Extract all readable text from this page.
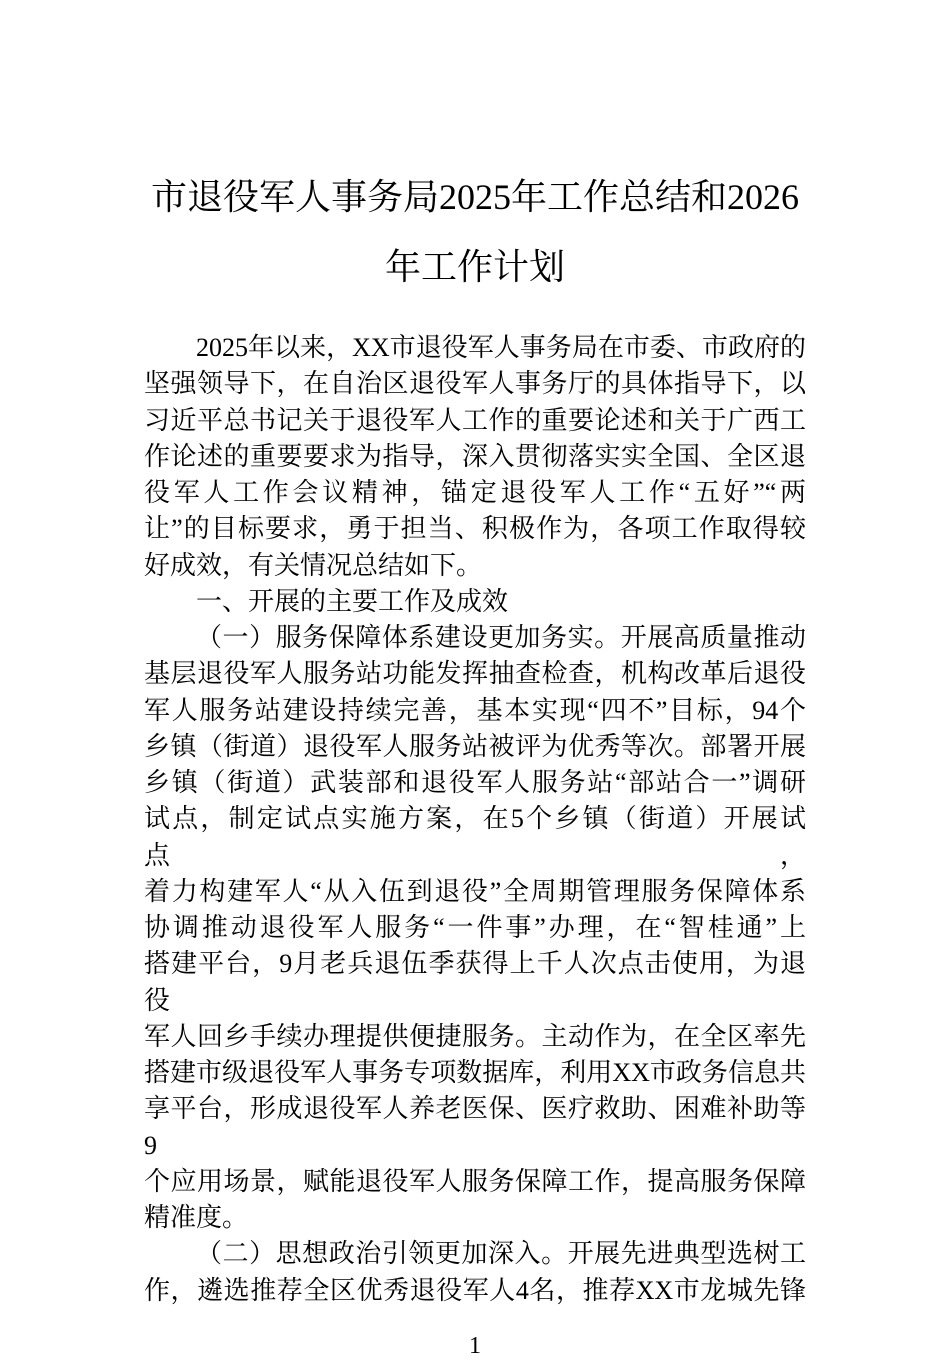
市退役军人事务局2025年工作总结和2026
年工作计划
2025年以来，XX市退役军人事务局在市委、市政府的
坚强领导下，在自治区退役军人事务厅的具体指导下，以
习近平总书记关于退役军人工作的重要论述和关于广西工
作论述的重要要求为指导，深入贯彻落实实全国、全区退
役军人工作会议精神，锚定退役军人工作“五好”“两
让”的目标要求，勇于担当、积极作为，各项工作取得较
好成效，有关情况总结如下。
一、开展的主要工作及成效
（一）服务保障体系建设更加务实。开展高质量推动
基层退役军人服务站功能发挥抽查检查，机构改革后退役
军人服务站建设持续完善，基本实现“四不”目标，94个
乡镇（街道）退役军人服务站被评为优秀等次。部署开展
乡镇（街道）武装部和退役军人服务站“部站合一”调研
试点，制定试点实施方案，在5个乡镇（街道）开展试点，
着力构建军人“从入伍到退役”全周期管理服务保障体系
协调推动退役军人服务“一件事”办理，在“智桂通”上
搭建平台，9月老兵退伍季获得上千人次点击使用，为退役
军人回乡手续办理提供便捷服务。主动作为，在全区率先
搭建市级退役军人事务专项数据库，利用XX市政务信息共
享平台，形成退役军人养老医保、医疗救助、困难补助等9
个应用场景，赋能退役军人服务保障工作，提高服务保障
精准度。
（二）思想政治引领更加深入。开展先进典型选树工
作，遴选推荐全区优秀退役军人4名，推荐XX市龙城先锋
1
